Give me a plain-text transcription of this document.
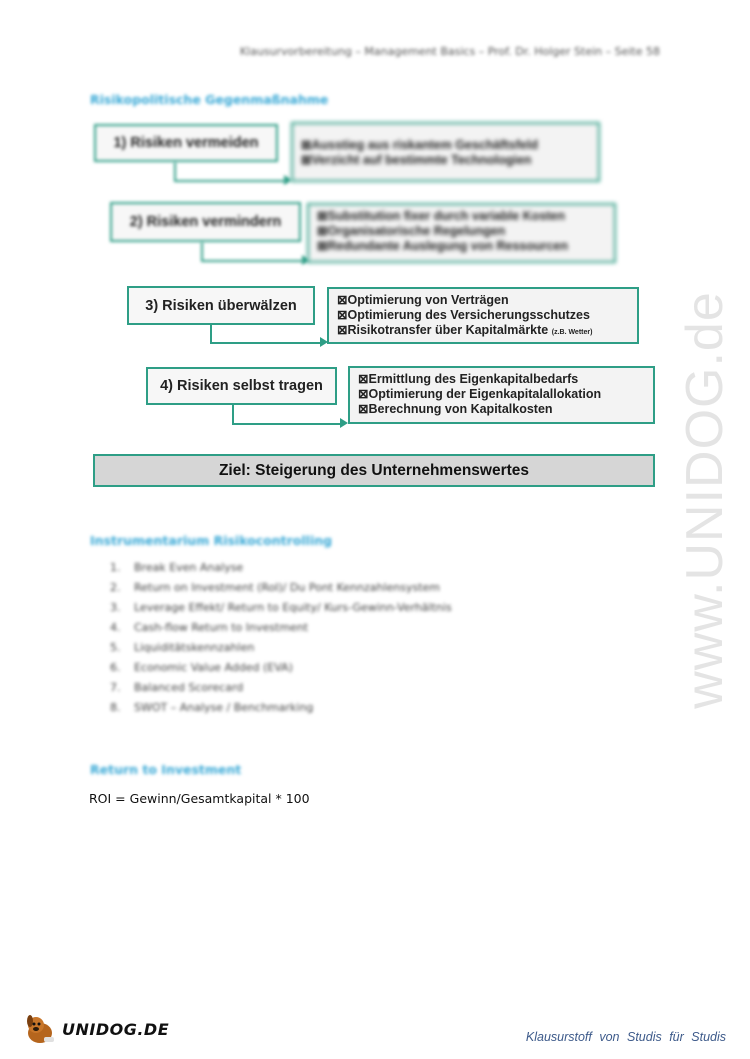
www.UNIDOG.de
Klausurvorbereitung – Management Basics – Prof. Dr. Holger Stein – Seite 58
Risikopolitische Gegenmaßnahme
1) Risiken vermeiden	⊠ Ausstieg aus riskantem Geschäftsfeld
⊠ Verzicht auf bestimmte Technologien
2) Risiken vermindern	⊠ Substitution fixer durch variable Kosten
⊠ Organisatorische Regelungen
⊠ Redundante Auslegung von Ressourcen
3) Risiken überwälzen	⊠ Optimierung von Verträgen
⊠ Optimierung des Versicherungsschutzes
⊠ Risikotransfer über Kapitalmärkte (z.B. Wetter)
4) Risiken selbst tragen	⊠ Ermittlung des Eigenkapitalbedarfs
⊠ Optimierung der Eigenkapitalallokation
⊠ Berechnung von Kapitalkosten
Ziel: Steigerung des Unternehmenswertes
Instrumentarium Risikocontrolling
1.	Break Even Analyse
2.	Return on Investment (RoI)/ Du Pont Kennzahlensystem
3.	Leverage Effekt/ Return to Equity/ Kurs-Gewinn-Verhältnis
4.	Cash-flow Return to Investment
5.	Liquiditätskennzahlen
6.	Economic Value Added (EVA)
7.	Balanced Scorecard
8.	SWOT – Analyse / Benchmarking
Return to Investment
ROI = Gewinn/Gesamtkapital * 100
UNIDOG.DE	Klausurstoff von Studis für Studis
